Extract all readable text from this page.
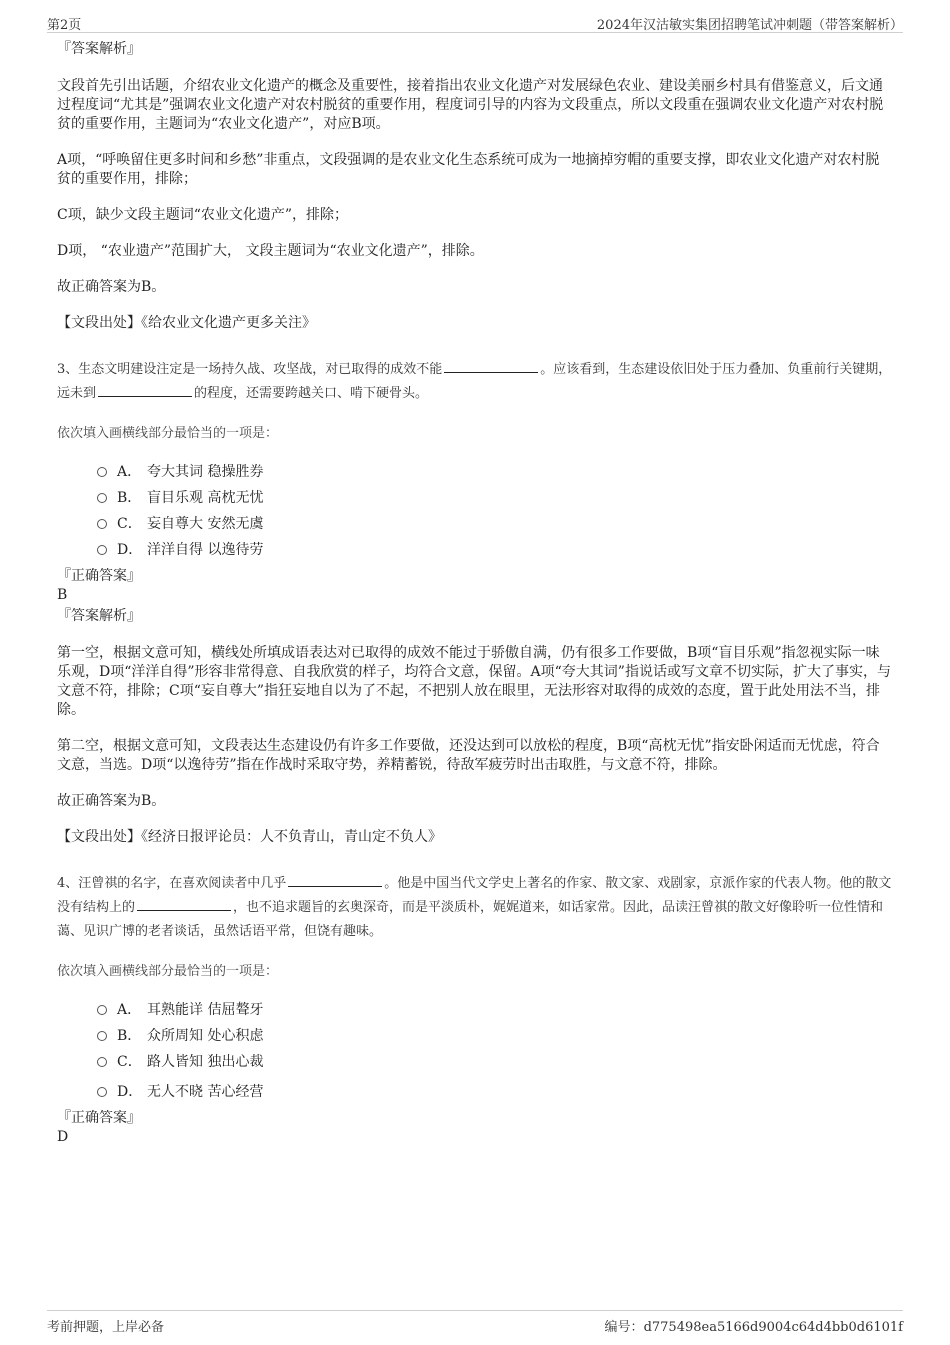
第2页	2024年汉沽敏实集团招聘笔试冲刺题（带答案解析）

『答案解析』

文段首先引出话题，介绍农业文化遗产的概念及重要性，接着指出农业文化遗产对发展绿色农业、建设美丽乡村具有借鉴意义，后文通过程度词“尤其是”强调农业文化遗产对农村脱贫的重要作用，程度词引导的内容为文段重点，所以文段重在强调农业文化遗产对农村脱贫的重要作用，主题词为“农业文化遗产”，对应B项。

A项，“呼唤留住更多时间和乡愁”非重点，文段强调的是农业文化生态系统可成为一地摘掉穷帽的重要支撑，即农业文化遗产对农村脱贫的重要作用，排除；

C项，缺少文段主题词“农业文化遗产”，排除；

D项， “农业遗产”范围扩大， 文段主题词为“农业文化遗产”，排除。

故正确答案为B。

【文段出处】《给农业文化遗产更多关注》

3、生态文明建设注定是一场持久战、攻坚战，对已取得的成效不能	。应该看到，生态建设依旧处于压力叠加、负重前行关键期，远未到	的程度，还需要跨越关口、啃下硬骨头。

依次填入画横线部分最恰当的一项是：

A． 夸大其词 稳操胜券
B． 盲目乐观 高枕无忧
C． 妄自尊大 安然无虞
D． 洋洋自得 以逸待劳

『正确答案』

B

『答案解析』

第一空，根据文意可知，横线处所填成语表达对已取得的成效不能过于骄傲自满，仍有很多工作要做，B项“盲目乐观”指忽视实际一味乐观，D项“洋洋自得”形容非常得意、自我欣赏的样子，均符合文意，保留。A项“夸大其词”指说话或写文章不切实际，扩大了事实，与文意不符，排除；C项“妄自尊大”指狂妄地自以为了不起，不把别人放在眼里，无法形容对取得的成效的态度，置于此处用法不当，排除。

第二空，根据文意可知，文段表达生态建设仍有许多工作要做，还没达到可以放松的程度，B项“高枕无忧”指安卧闲适而无忧虑，符合文意，当选。D项“以逸待劳”指在作战时采取守势，养精蓄锐，待敌军疲劳时出击取胜，与文意不符，排除。

故正确答案为B。

【文段出处】《经济日报评论员：人不负青山，青山定不负人》

4、汪曾祺的名字，在喜欢阅读者中几乎	。他是中国当代文学史上著名的作家、散文家、戏剧家，京派作家的代表人物。他的散文没有结构上的	，也不追求题旨的玄奥深奇，而是平淡质朴，娓娓道来，如话家常。因此，品读汪曾祺的散文好像聆听一位性情和蔼、见识广博的老者谈话，虽然话语平常，但饶有趣味。

依次填入画横线部分最恰当的一项是：

A． 耳熟能详 佶屈聱牙
B． 众所周知 处心积虑
C． 路人皆知 独出心裁
D． 无人不晓 苦心经营

『正确答案』

D

考前押题，上岸必备	编号：d775498ea5166d9004c64d4bb0d6101f
